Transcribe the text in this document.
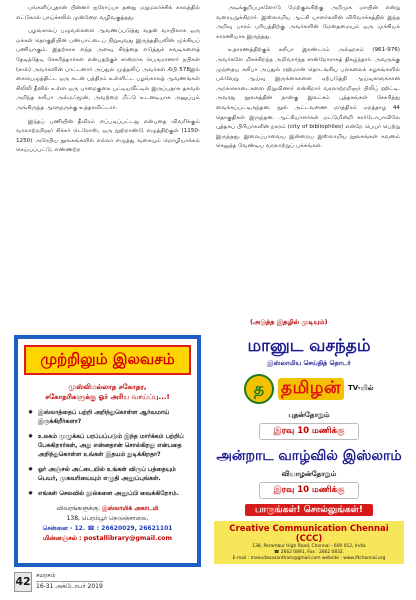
பங்களிப்புதான் பின்னர் ஐரோப்பா தனது மறுமலர்ச்சிக் காலத்தில் எட்டுகால் பாய்ச்சலில் முன்னேற வழிவகுத்தது.

பழங்காலப் பழுவல்களை ஆவணப்படுத்து வதன் வாயிலாக ஒரு மக்கள் தொகுதியின் பண்பாட்டைப் நிறுவுவது இருந்ததியலின் முக்கியப் பணியாகும். இதற்காக எந்த அளவு சிரத்தை எடுத்துச் சுவடிகளைத் தேடித்தேடி சேகரித்தார்கள் என்பதற்குச் சான்றாக பெருமானார் நபிகள் (ஸல்) அவர்களின் பாட்டனார் அப்துல் முத்தலிப் அவர்கள் கிபி 578இல் கையெழுத்திட்ட ஒரு கடன் பத்திரம் உள்ளிட்ட பழங்காலத் ஆவணங்கள் சிலிலி தீனில் உள்ள ஒரு பாறைகுகை புட்டியவீட்டில் இருப்பதாக தகவல் அறிந்த கலீபா அல்மஃமூன், அவற்றை மீட்டு உடனடியாக அனுப்பும் அங்கிருந்த ஆளுநருக்கு உத்தரவிட்டார்.

இந்தப் பணியின் தீவிரம் எப்படிப்பட்டது என்பதை விவரிக்கும் வரலாற்றறிஞர் சிக்கர் டெரோஸ், ஒரு நூற்றாண்டு எழுத்திற்குள் (1150-1250) அரேபிய நூலகங்களில் எல்லா எழுத்து வகையும் மொழியாக்கம் செய்யப்பட்டு, எண்ணற்ற

அடிக்குறிப்புகளோடு மேற்குலகிற்கு அறிமுக மாயின் என்று வரையறுக்கிறார். இஸ்லாமிய ஆட்சி யாளர்களின் விரிவாக்கத்தில் இந்த அறிவு பாரம் பரியத்திற்கு அவர்களின் மேதைமையும் ஒரு முக்கியக் காரணியாக இருந்தது.

உதாரணத்திற்குக் கலீபா இரண்டாம் அல்ஹகம் (961-976) அவர்களே மிகச்சிறந்த அறிவார்ந்த சான்றோராகத் திகழ்ந்தார். அவருக்கு முந்தைய கலீபா அப்துல் ரஹ்மான் தொடங்கிய பல்கலைக் கழகங்களில் பல்வேறு ஆய்வு இருக்கைகளை ஏற்படுத்தி ஆய்வுகளுக்கான அறக்கொடைகளை நிறுவினார் என்கிறார் வரலாற்றறிஞர் பிலிப் ஹிட்டி. அவரது நூலகத்தின் நான்கு இலட்சம் புத்தகங்கள் சேகரித்து வைக்கப்பட்டிருந்தன. நூல் அட்டவணை மாத்திரம் ஏறத்தாழ 44 தொகுதிகள் இருந்தன. ஆட்சியாளர்கள் மட்டுமின்றி கார்டோபாவிலே புத்தகப் பிரியர்களின் நகரம் (city of bibliophiles) என்றே பெயர் பெற்று இருந்தது. இலைப்பாவைய இன்றைய இஸ்லாமிய நூலகங்கள் கவனம் செலுத்த வேண்டிய வரலாற்றுப் பக்கங்கள்.

(அடுத்த இதழில் முடியும்)
முற்றிலும் இலவசம்
முஸ்லிமல்லாத சகோதர,
சகோதரிகளுக்கு ஓர் அரிய வாய்ப்பு...!
✸ இஸ்லாத்தைப் பற்றி அறிந்துகொள்ள ஆர்வமாய் இருக்கிறீர்களா?
✸ உலகம் முழுக்கப் பரப்பப்படும் இந்த மார்க்கம் பற்றிப் பேசுகிறார்கள், அது என்னதான் சொல்கிறது என்பதை அறிந்துகொள்ள உங்கள் இதயம் துடிக்கிறதா?
✸ ஓர் அஞ்சல் அட்டையில் உங்கள் விருப் பத்தையும் பெயர், முகவரியையும் எழுதி அனுப்புங்கள்.
✸ எங்கள் செலவில் நூல்களை அனுப்பி வைக்கிறோம்.
விவரங்களுக்கு: இஸ்லாமிக் அகாடமி
138, பெரம்பூர் நெடுஞ்சாலை,
சென்னை - 12. ☎ : 26620029, 26621101
மின்னஞ்சல் : postallibrary@gmail.com
மானுட வசந்தம்
இஸ்லாமிய செய்தித் தொடர்
த தமிழன்	TV-யில்
புதன்தோறும்
இரவு 10 மணிக்கு
அன்றாட வாழ்வில் இஸ்லாம்
வியாழன்தோறும்
இரவு 10 மணிக்கு
பாருங்கள்! சொல்லுங்கள்!
Creative Communication Chennai (CCC)
138, Perambur High Road, Chennai - 600 012, India
☎ 2662 0891, Fax : 2662 0832.
E-mail : manudavasantham@gmail.com website : www.iftchennai.org
42 சமரசம்
16-31 அக்டோபர் 2019
